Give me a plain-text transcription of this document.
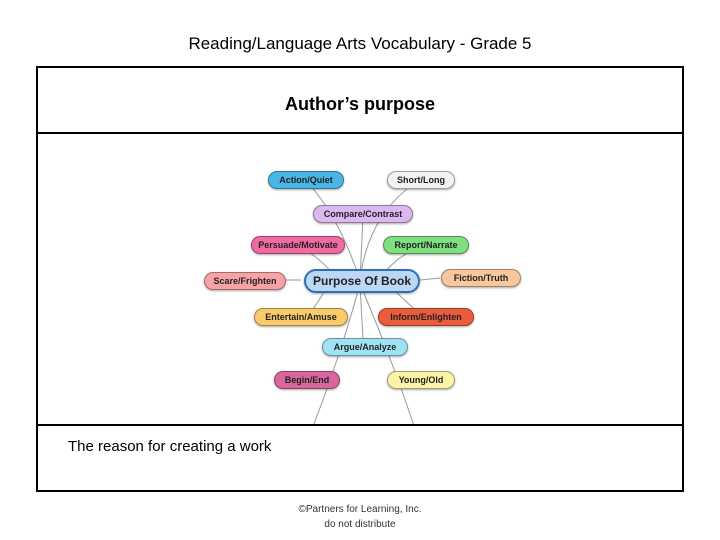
Reading/Language Arts Vocabulary - Grade 5
Author’s purpose
Action/Quiet	Short/Long
Compare/Contrast
Persuade/Motivate	Report/Narrate
Scare/Frighten	Purpose Of Book	Fiction/Truth
Entertain/Amuse	Inform/Enlighten
Argue/Analyze
Begin/End	Young/Old
The reason for creating a work
©Partners for Learning, Inc.
do not distribute
